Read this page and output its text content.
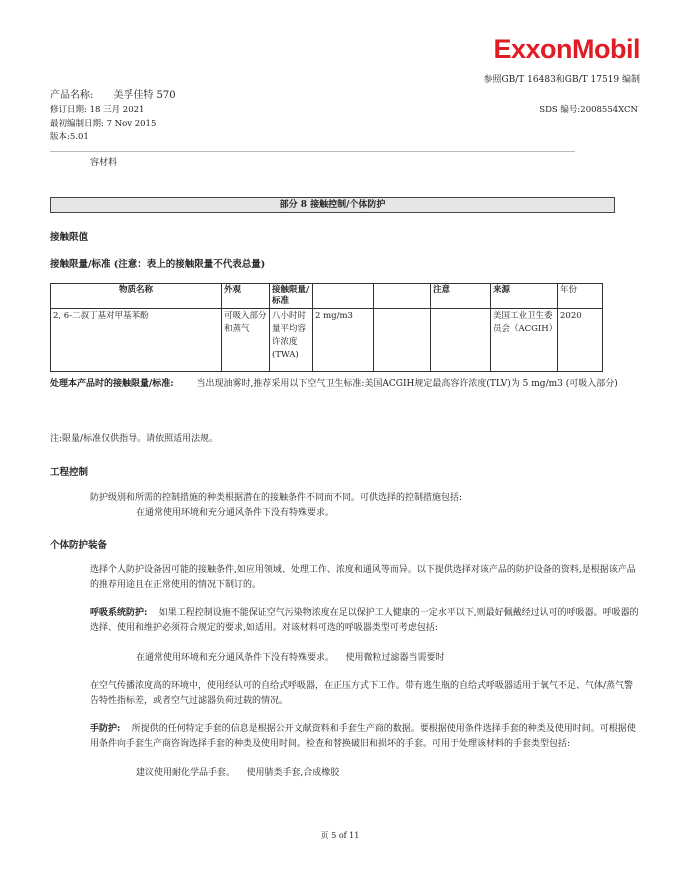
ExxonMobil
参照GB/T 16483和GB/T 17519 编制
产品名称: 美孚佳特 570
修订日期: 18 三月 2021
最初编制日期: 7 Nov 2015
版本:5.01
SDS 编号:2008554XCN
容材料
部分 8 接触控制/个体防护
接触限值
接触限量/标准 (注意：表上的接触限量不代表总量)
物质名称	外观	接触限量/标准			注意	来源	年份
2, 6-二叔丁基对甲基苯酚	可吸入部分和蒸气	八小时时量平均容许浓度(TWA)	2 mg/m3			美国工业卫生委员会（ACGIH）	2020
处理本产品时的接触限量/标准:	当出现油雾时,推荐采用以下空气卫生标准:美国ACGIH规定最高容许浓度(TLV)为 5 mg/m3 (可吸入部分)
注:限量/标准仅供指导。请依照适用法规。
工程控制
防护级别和所需的控制措施的种类根据潜在的接触条件不同而不同。可供选择的控制措施包括:
在通常使用环境和充分通风条件下没有特殊要求。
个体防护装备
选择个人防护设备因可能的接触条件,如应用领域、处理工作、浓度和通风等而异。以下提供选择对该产品的防护设备的资料,是根据该产品的推荐用途且在正常使用的情况下制订的。
呼吸系统防护: 如果工程控制设施不能保证空气污染物浓度在足以保护工人健康的一定水平以下,则最好佩戴经过认可的呼吸器。呼吸器的选择、使用和维护必须符合规定的要求,如适用。对该材料可选的呼吸器类型可考虑包括:
在通常使用环境和充分通风条件下没有特殊要求。    使用微粒过滤器当需要时
在空气传播浓度高的环境中，使用经认可的自给式呼吸器，在正压方式下工作。带有逃生瓶的自给式呼吸器适用于氧气不足、气体/蒸气警告特性指标差，或者空气过滤器负荷过载的情况。
手防护: 所提供的任何特定手套的信息是根据公开文献资料和手套生产商的数据。要根据使用条件选择手套的种类及使用时间。可根据使用条件向手套生产商咨询选择手套的种类及使用时间。检查和替换破旧和损坏的手套。可用于处理该材料的手套类型包括:
建议使用耐化学品手套。    使用腈类手套,合成橡胶
页 5 of 11
